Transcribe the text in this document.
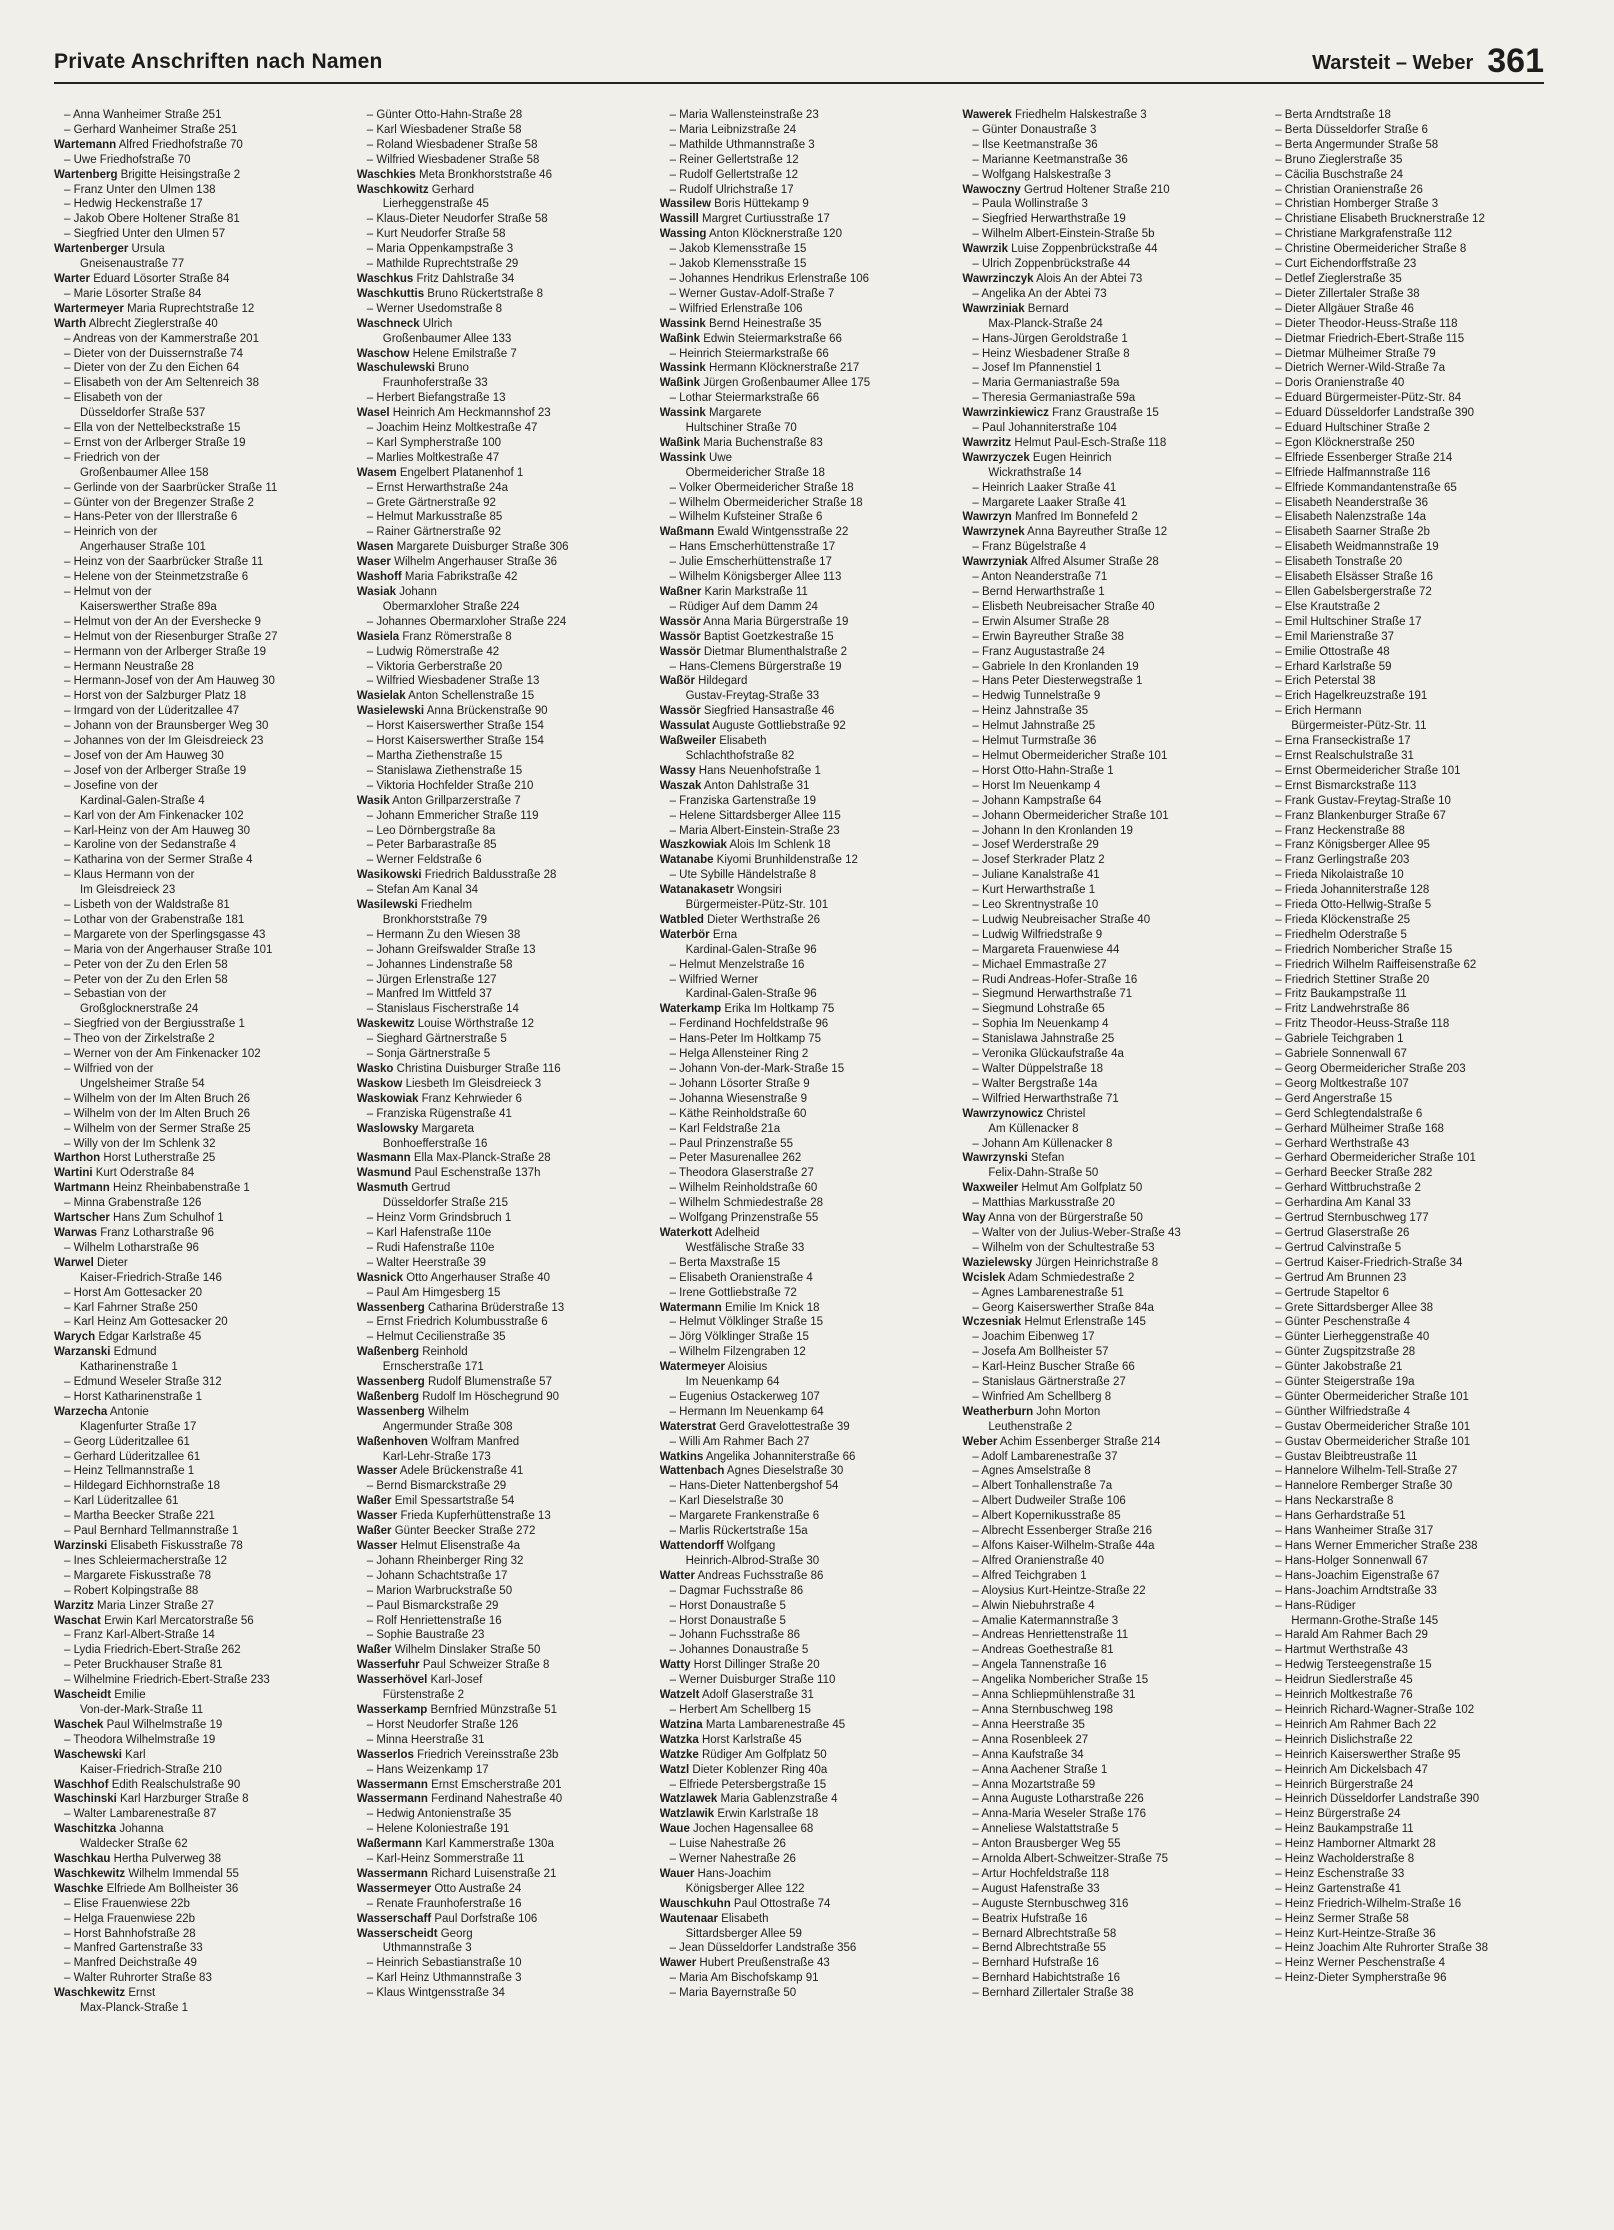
Private Anschriften nach Namen	Warsteit – Weber 361
– Anna Wanheimer Straße 251
– Gerhard Wanheimer Straße 251
Wartemann Alfred Friedhofstraße 70
– Uwe Friedhofstraße 70
Wartenberg Brigitte Heisingstraße 2
– Franz Unter den Ulmen 138
– Hedwig Heckenstraße 17
– Jakob Obere Holtener Straße 81
– Siegfried Unter den Ulmen 57
Wartenberger Ursula
Gneisenaustraße 77
Warter Eduard Lösorter Straße 84
– Marie Lösorter Straße 84
Wartermeyer Maria Ruprechtstraße 12
Warth Albrecht Zieglerstraße 40
– Andreas von der Kammerstraße 201
– Dieter von der Duissernstraße 74
– Dieter von der Zu den Eichen 64
– Elisabeth von der Am Seltenreich 38
– Elisabeth von der
Düsseldorfer Straße 537
– Ella von der Nettelbeckstraße 15
– Ernst von der Arlberger Straße 19
– Friedrich von der
Großenbaumer Allee 158
– Gerlinde von der Saarbrücker Straße 11
– Günter von der Bregenzer Straße 2
– Hans-Peter von der Illerstraße 6
– Heinrich von der
Angerhauser Straße 101
– Heinz von der Saarbrücker Straße 11
– Helene von der Steinmetzstraße 6
– Helmut von der
Kaiserswerther Straße 89a
– Helmut von der An der Evershecke 9
– Helmut von der Riesenburger Straße 27
– Hermann von der Arlberger Straße 19
– Hermann Neustraße 28
– Hermann-Josef von der Am Hauweg 30
– Horst von der Salzburger Platz 18
– Irmgard von der Lüderitzallee 47
– Johann von der Braunsberger Weg 30
– Johannes von der Im Gleisdreieck 23
– Josef von der Am Hauweg 30
– Josef von der Arlberger Straße 19
– Josefine von der
Kardinal-Galen-Straße 4
– Karl von der Am Finkenacker 102
– Karl-Heinz von der Am Hauweg 30
– Karoline von der Sedanstraße 4
– Katharina von der Sermer Straße 4
– Klaus Hermann von der
Im Gleisdreieck 23
– Lisbeth von der Waldstraße 81
– Lothar von der Grabenstraße 181
– Margarete von der Sperlingsgasse 43
– Maria von der Angerhauser Straße 101
– Peter von der Zu den Erlen 58
– Peter von der Zu den Erlen 58
– Sebastian von der
Großglocknerstraße 24
– Siegfried von der Bergiusstraße 1
– Theo von der Zirkelstraße 2
– Werner von der Am Finkenacker 102
– Wilfried von der
Ungelsheimer Straße 54
– Wilhelm von der Im Alten Bruch 26
– Wilhelm von der Im Alten Bruch 26
– Wilhelm von der Sermer Straße 25
– Willy von der Im Schlenk 32
Warthon Horst Lutherstraße 25
Wartini Kurt Oderstraße 84
Wartmann Heinz Rheinbabenstraße 1
– Minna Grabenstraße 126
Wartscher Hans Zum Schulhof 1
Warwas Franz Lotharstraße 96
– Wilhelm Lotharstraße 96
Warwel Dieter
Kaiser-Friedrich-Straße 146
– Horst Am Gottesacker 20
– Karl Fahrner Straße 250
– Karl Heinz Am Gottesacker 20
Warych Edgar Karlstraße 45
Warzanski Edmund
Katharinenstraße 1
– Edmund Weseler Straße 312
– Horst Katharinenstraße 1
Warzecha Antonie
Klagenfurter Straße 17
– Georg Lüderitzallee 61
– Gerhard Lüderitzallee 61
– Heinz Tellmannstraße 1
– Hildegard Eichhornstraße 18
– Karl Lüderitzallee 61
– Martha Beecker Straße 221
– Paul Bernhard Tellmannstraße 1
Warzinski Elisabeth Fiskusstraße 78
– Ines Schleiermacherstraße 12
– Margarete Fiskusstraße 78
– Robert Kolpingstraße 88
Warzitz Maria Linzer Straße 27
Waschat Erwin Karl Mercatorstraße 56
– Franz Karl-Albert-Straße 14
– Lydia Friedrich-Ebert-Straße 262
– Peter Bruckhauser Straße 81
– Wilhelmine Friedrich-Ebert-Straße 233
Wascheidt Emilie
Von-der-Mark-Straße 11
Waschek Paul Wilhelmstraße 19
– Theodora Wilhelmstraße 19
Waschewski Karl
Kaiser-Friedrich-Straße 210
Waschhof Edith Realschulstraße 90
Waschinski Karl Harzburger Straße 8
– Walter Lambarenestraße 87
Waschitzka Johanna
Waldecker Straße 62
Waschkau Hertha Pulverweg 38
Waschkewitz Wilhelm Immendal 55
Waschke Elfriede Am Bollheister 36
– Elise Frauenwiese 22b
– Helga Frauenwiese 22b
– Horst Bahnhofstraße 28
– Manfred Gartenstraße 33
– Manfred Deichstraße 49
– Walter Ruhrorter Straße 83
Waschkewitz Ernst
Max-Planck-Straße 1
– Günter Otto-Hahn-Straße 28
– Karl Wiesbadener Straße 58
– Roland Wiesbadener Straße 58
– Wilfried Wiesbadener Straße 58
Waschkies Meta Bronkhorststraße 46
Waschkowitz Gerhard
Lierheggenstraße 45
– Klaus-Dieter Neudorfer Straße 58
– Kurt Neudorfer Straße 58
– Maria Oppenkampstraße 3
– Mathilde Ruprechtstraße 29
Waschkus Fritz Dahlstraße 34
Waschkuttis Bruno Rückertstraße 8
– Werner Usedomstraße 8
Waschneck Ulrich
Großenbaumer Allee 133
Waschow Helene Emilstraße 7
Waschulewski Bruno
Fraunhoferstraße 33
– Herbert Biefangstraße 13
Wasel Heinrich Am Heckmannshof 23
– Joachim Heinz Moltkestraße 47
– Karl Sympherstraße 100
– Marlies Moltkestraße 47
Wasem Engelbert Platanenhof 1
– Ernst Herwarthstraße 24a
– Grete Gärtnerstraße 92
– Helmut Markusstraße 85
– Rainer Gärtnerstraße 92
Wasen Margarete Duisburger Straße 306
Waser Wilhelm Angerhauser Straße 36
Washoff Maria Fabrikstraße 42
Wasiak Johann
Obermarxloher Straße 224
– Johannes Obermarxloher Straße 224
Wasiela Franz Römerstraße 8
– Ludwig Römerstraße 42
– Viktoria Gerberstraße 20
– Wilfried Wiesbadener Straße 13
Wasielak Anton Schellenstraße 15
Wasielewski Anna Brückenstraße 90
– Horst Kaiserswerther Straße 154
– Horst Kaiserswerther Straße 154
– Martha Ziethenstraße 15
– Stanislawa Ziethenstraße 15
– Viktoria Hochfelder Straße 210
Wasik Anton Grillparzerstraße 7
– Johann Emmericher Straße 119
– Leo Dörnbergstraße 8a
– Peter Barbarastraße 85
– Werner Feldstraße 6
Wasikowski Friedrich Baldusstraße 28
– Stefan Am Kanal 34
Wasilewski Friedhelm
Bronkhorststraße 79
– Hermann Zu den Wiesen 38
– Johann Greifswalder Straße 13
– Johannes Lindenstraße 58
– Jürgen Erlenstraße 127
– Manfred Im Wittfeld 37
– Stanislaus Fischerstraße 14
Waskewitz Louise Wörthstraße 12
– Sieghard Gärtnerstraße 5
– Sonja Gärtnerstraße 5
Wasko Christina Duisburger Straße 116
Waskow Liesbeth Im Gleisdreieck 3
Waskowiak Franz Kehrwieder 6
– Franziska Rügenstraße 41
Waslowsky Margareta
Bonhoefferstraße 16
Wasmann Ella Max-Planck-Straße 28
Wasmund Paul Eschenstraße 137h
Wasmuth Gertrud
Düsseldorfer Straße 215
– Heinz Vorm Grindsbruch 1
– Karl Hafenstraße 110e
– Rudi Hafenstraße 110e
– Walter Heerstraße 39
Wasnick Otto Angerhauser Straße 40
– Paul Am Himgesberg 15
Wassenberg Catharina Brüderstraße 13
– Ernst Friedrich Kolumbusstraße 6
– Helmut Cecilienstraße 35
Waßenberg Reinhold
Ernscherstraße 171
Wassenberg Rudolf Blumenstraße 57
Waßenberg Rudolf Im Höschegrund 90
Wassenberg Wilhelm
Angermunder Straße 308
Waßenhoven Wolfram Manfred
Karl-Lehr-Straße 173
Wasser Adele Brückenstraße 41
– Bernd Bismarckstraße 29
Waßer Emil Spessartstraße 54
Wasser Frieda Kupferhüttenstraße 13
Waßer Günter Beecker Straße 272
Wasser Helmut Elisenstraße 4a
– Johann Rheinberger Ring 32
– Johann Schachtstraße 17
– Marion Warbruckstraße 50
– Paul Bismarckstraße 29
– Rolf Henriettenstraße 16
– Sophie Baustraße 23
Waßer Wilhelm Dinslaker Straße 50
Wasserfuhr Paul Schweizer Straße 8
Wasserhövel Karl-Josef
Fürstenstraße 2
Wasserkamp Bernfried Münzstraße 51
– Horst Neudorfer Straße 126
– Minna Heerstraße 31
Wasserlos Friedrich Vereinsstraße 23b
– Hans Weizenkamp 17
Wassermann Ernst Emscherstraße 201
Wassermann Ferdinand Nahestraße 40
– Hedwig Antonienstraße 35
– Helene Koloniestraße 191
Waßermann Karl Kammerstraße 130a
– Karl-Heinz Sommerstraße 11
Wassermann Richard Luisenstraße 21
Wassermeyer Otto Austraße 24
– Renate Fraunhoferstraße 16
Wasserschaff Paul Dorfstraße 106
Wasserscheidt Georg
Uthmannstraße 3
– Heinrich Sebastianstraße 10
– Karl Heinz Uthmannstraße 3
– Klaus Wintgensstraße 34
– Maria Wallensteinstraße 23
– Maria Leibnizstraße 24
– Mathilde Uthmannstraße 3
– Reiner Gellertstraße 12
– Rudolf Gellertstraße 12
– Rudolf Ulrichstraße 17
Wassilew Boris Hüttekamp 9
Wassill Margret Curtiusstraße 17
Wassing Anton Klöcknerstraße 120
– Jakob Klemensstraße 15
– Jakob Klemensstraße 15
– Johannes Hendrikus Erlenstraße 106
– Werner Gustav-Adolf-Straße 7
– Wilfried Erlenstraße 106
Wassink Bernd Heinestraße 35
Waßink Edwin Steiermarkstraße 66
– Heinrich Steiermarkstraße 66
Wassink Hermann Klöcknerstraße 217
Waßink Jürgen Großenbaumer Allee 175
– Lothar Steiermarkstraße 66
Wassink Margarete
Hultschiner Straße 70
Waßink Maria Buchenstraße 83
Wassink Uwe
Obermeidericher Straße 18
– Volker Obermeidericher Straße 18
– Wilhelm Obermeidericher Straße 18
– Wilhelm Kufsteiner Straße 6
Waßmann Ewald Wintgensstraße 22
– Hans Emscherhüttenstraße 17
– Julie Emscherhüttenstraße 17
– Wilhelm Königsberger Allee 113
Waßner Karin Markstraße 11
– Rüdiger Auf dem Damm 24
Wassör Anna Maria Bürgerstraße 19
Wassör Baptist Goetzkestraße 15
Wassör Dietmar Blumenthalstraße 2
– Hans-Clemens Bürgerstraße 19
Waßör Hildegard
Gustav-Freytag-Straße 33
Wassör Siegfried Hansastraße 46
Wassulat Auguste Gottliebstraße 92
Waßweiler Elisabeth
Schlachthofstraße 82
Wassy Hans Neuenhofstraße 1
Waszak Anton Dahlstraße 31
– Franziska Gartenstraße 19
– Helene Sittardsberger Allee 115
– Maria Albert-Einstein-Straße 23
Waszkowiak Alois Im Schlenk 18
Watanabe Kiyomi Brunhildenstraße 12
– Ute Sybille Händelstraße 8
Watanakasetr Wongsiri
Bürgermeister-Pütz-Str. 101
Watbled Dieter Werthstraße 26
Waterbör Erna
Kardinal-Galen-Straße 96
– Helmut Menzelstraße 16
– Wilfried Werner
Kardinal-Galen-Straße 96
Waterkamp Erika Im Holtkamp 75
– Ferdinand Hochfeldstraße 96
– Hans-Peter Im Holtkamp 75
– Helga Allensteiner Ring 2
– Johann Von-der-Mark-Straße 15
– Johann Lösorter Straße 9
– Johanna Wiesenstraße 9
– Käthe Reinholdstraße 60
– Karl Feldstraße 21a
– Paul Prinzenstraße 55
– Peter Masurenallee 262
– Theodora Glaserstraße 27
– Wilhelm Reinholdstraße 60
– Wilhelm Schmiedestraße 28
– Wolfgang Prinzenstraße 55
Waterkott Adelheid
Westfälische Straße 33
– Berta Maxstraße 15
– Elisabeth Oranienstraße 4
– Irene Gottliebstraße 72
Watermann Emilie Im Knick 18
– Helmut Völklinger Straße 15
– Jörg Völklinger Straße 15
– Wilhelm Filzengraben 12
Watermeyer Aloisius
Im Neuenkamp 64
– Eugenius Ostackerweg 107
– Hermann Im Neuenkamp 64
Waterstrat Gerd Gravelottestraße 39
– Willi Am Rahmer Bach 27
Watkins Angelika Johanniterstraße 66
Wattenbach Agnes Dieselstraße 30
– Hans-Dieter Nattenbergshof 54
– Karl Dieselstraße 30
– Margarete Frankenstraße 6
– Marlis Rückertstraße 15a
Wattendorff Wolfgang
Heinrich-Albrod-Straße 30
Watter Andreas Fuchsstraße 86
– Dagmar Fuchsstraße 86
– Horst Donaustraße 5
– Horst Donaustraße 5
– Johann Fuchsstraße 86
– Johannes Donaustraße 5
Watty Horst Dillinger Straße 20
– Werner Duisburger Straße 110
Watzelt Adolf Glaserstraße 31
– Herbert Am Schellberg 15
Watzina Marta Lambarenestraße 45
Watzka Horst Karlstraße 45
Watzke Rüdiger Am Golfplatz 50
Watzl Dieter Koblenzer Ring 40a
– Elfriede Petersbergstraße 15
Watzlawek Maria Gablenzstraße 4
Watzlawik Erwin Karlstraße 18
Waue Jochen Hagensallee 68
– Luise Nahestraße 26
– Werner Nahestraße 26
Wauer Hans-Joachim
Königsberger Allee 122
Wauschkuhn Paul Ottostraße 74
Wautenaar Elisabeth
Sittardsberger Allee 59
– Jean Düsseldorfer Landstraße 356
Wawer Hubert Preußenstraße 43
– Maria Am Bischofskamp 91
– Maria Bayernstraße 50
Wawerek Friedhelm Halskestraße 3
– Günter Donaustraße 3
– Ilse Keetmanstraße 36
– Marianne Keetmanstraße 36
– Wolfgang Halskestraße 3
Wawoczny Gertrud Holtener Straße 210
– Paula Wollinstraße 3
– Siegfried Herwarthstraße 19
– Wilhelm Albert-Einstein-Straße 5b
Wawrzik Luise Zoppenbrückstraße 44
– Ulrich Zoppenbrückstraße 44
Wawrzinczyk Alois An der Abtei 73
– Angelika An der Abtei 73
Wawrziniak Bernard
Max-Planck-Straße 24
– Hans-Jürgen Geroldstraße 1
– Heinz Wiesbadener Straße 8
– Josef Im Pfannenstiel 1
– Maria Germaniastraße 59a
– Theresia Germaniastraße 59a
Wawrzinkiewicz Franz Graustraße 15
– Paul Johanniterstraße 104
Wawrzitz Helmut Paul-Esch-Straße 118
Wawrzyczek Eugen Heinrich
Wickrathstraße 14
– Heinrich Laaker Straße 41
– Margarete Laaker Straße 41
Wawrzyn Manfred Im Bonnefeld 2
Wawrzynek Anna Bayreuther Straße 12
– Franz Bügelstraße 4
Wawrzyniak Alfred Alsumer Straße 28
– Anton Neanderstraße 71
– Bernd Herwarthstraße 1
– Elisbeth Neubreisacher Straße 40
– Erwin Alsumer Straße 28
– Erwin Bayreuther Straße 38
– Franz Augustastraße 24
– Gabriele In den Kronlanden 19
– Hans Peter Diesterwegstraße 1
– Hedwig Tunnelstraße 9
– Heinz Jahnstraße 35
– Helmut Jahnstraße 25
– Helmut Turmstraße 36
– Helmut Obermeidericher Straße 101
– Horst Otto-Hahn-Straße 1
– Horst Im Neuenkamp 4
– Johann Kampstraße 64
– Johann Obermeidericher Straße 101
– Johann In den Kronlanden 19
– Josef Werderstraße 29
– Josef Sterkrader Platz 2
– Juliane Kanalstraße 41
– Kurt Herwarthstraße 1
– Leo Skrentnystraße 10
– Ludwig Neubreisacher Straße 40
– Ludwig Wilfriedstraße 9
– Margareta Frauenwiese 44
– Michael Emmastraße 27
– Rudi Andreas-Hofer-Straße 16
– Siegmund Herwarthstraße 71
– Siegmund Lohstraße 65
– Sophia Im Neuenkamp 4
– Stanislawa Jahnstraße 25
– Veronika Glückaufstraße 4a
– Walter Düppelstraße 18
– Walter Bergstraße 14a
– Wilfried Herwarthstraße 71
Wawrzynowicz Christel
Am Küllenacker 8
– Johann Am Küllenacker 8
Wawrzynski Stefan
Felix-Dahn-Straße 50
Waxweiler Helmut Am Golfplatz 50
– Matthias Markusstraße 20
Way Anna von der Bürgerstraße 50
– Walter von der Julius-Weber-Straße 43
– Wilhelm von der Schultestraße 53
Wazielewsky Jürgen Heinrichstraße 8
Wcislek Adam Schmiedestraße 2
– Agnes Lambarenestraße 51
– Georg Kaiserswerther Straße 84a
Wczesniak Helmut Erlenstraße 145
– Joachim Eibenweg 17
– Josefa Am Bollheister 57
– Karl-Heinz Buscher Straße 66
– Stanislaus Gärtnerstraße 27
– Winfried Am Schellberg 8
Weatherburn John Morton
Leuthenstraße 2
Weber Achim Essenberger Straße 214
– Adolf Lambarenestraße 37
– Agnes Amselstraße 8
– Albert Tonhallenstraße 7a
– Albert Dudweiler Straße 106
– Albert Kopernikusstraße 85
– Albrecht Essenberger Straße 216
– Alfons Kaiser-Wilhelm-Straße 44a
– Alfred Oranienstraße 40
– Alfred Teichgraben 1
– Aloysius Kurt-Heintze-Straße 22
– Alwin Niebuhrstraße 4
– Amalie Katermannstraße 3
– Andreas Henriettenstraße 11
– Andreas Goethestraße 81
– Angela Tannenstraße 16
– Angelika Nombericher Straße 15
– Anna Schliepmühlenstraße 31
– Anna Sternbuschweg 198
– Anna Heerstraße 35
– Anna Rosenbleek 27
– Anna Kaufstraße 34
– Anna Aachener Straße 1
– Anna Mozartstraße 59
– Anna Auguste Lotharstraße 226
– Anna-Maria Weseler Straße 176
– Anneliese Walstattstraße 5
– Anton Brausberger Weg 55
– Arnolda Albert-Schweitzer-Straße 75
– Artur Hochfeldstraße 118
– August Hafenstraße 33
– Auguste Sternbuschweg 316
– Beatrix Hufstraße 16
– Bernard Albrechtstraße 58
– Bernd Albrechtstraße 55
– Bernhard Hufstraße 16
– Bernhard Habichtstraße 16
– Bernhard Zillertaler Straße 38
– Berta Arndtstraße 18
– Berta Düsseldorfer Straße 6
– Berta Angermunder Straße 58
– Bruno Zieglerstraße 35
– Cäcilia Buschstraße 24
– Christian Oranienstraße 26
– Christian Homberger Straße 3
– Christiane Elisabeth Brucknerstraße 12
– Christiane Markgrafenstraße 112
– Christine Obermeidericher Straße 8
– Curt Eichendorffstraße 23
– Detlef Zieglerstraße 35
– Dieter Zillertaler Straße 38
– Dieter Allgäuer Straße 46
– Dieter Theodor-Heuss-Straße 118
– Dietmar Friedrich-Ebert-Straße 115
– Dietmar Mülheimer Straße 79
– Dietrich Werner-Wild-Straße 7a
– Doris Oranienstraße 40
– Eduard Bürgermeister-Pütz-Str. 84
– Eduard Düsseldorfer Landstraße 390
– Eduard Hultschiner Straße 2
– Egon Klöcknerstraße 250
– Elfriede Essenberger Straße 214
– Elfriede Halfmannstraße 116
– Elfriede Kommandantenstraße 65
– Elisabeth Neanderstraße 36
– Elisabeth Nalenzstraße 14a
– Elisabeth Saarner Straße 2b
– Elisabeth Weidmannstraße 19
– Elisabeth Tonstraße 20
– Elisabeth Elsässer Straße 16
– Ellen Gabelsbergerstraße 72
– Else Krautstraße 2
– Emil Hultschiner Straße 17
– Emil Marienstraße 37
– Emilie Ottostraße 48
– Erhard Karlstraße 59
– Erich Peterstal 38
– Erich Hagelkreuzstraße 191
– Erich Hermann
Bürgermeister-Pütz-Str. 11
– Erna Franseckistraße 17
– Ernst Realschulstraße 31
– Ernst Obermeidericher Straße 101
– Ernst Bismarckstraße 113
– Frank Gustav-Freytag-Straße 10
– Franz Blankenburger Straße 67
– Franz Heckenstraße 88
– Franz Königsberger Allee 95
– Franz Gerlingstraße 203
– Frieda Nikolaistraße 10
– Frieda Johanniterstraße 128
– Frieda Otto-Hellwig-Straße 5
– Frieda Klöckenstraße 25
– Friedhelm Oderstraße 5
– Friedrich Nombericher Straße 15
– Friedrich Wilhelm Raiffeisenstraße 62
– Friedrich Stettiner Straße 20
– Fritz Baukampstraße 11
– Fritz Landwehrstraße 86
– Fritz Theodor-Heuss-Straße 118
– Gabriele Teichgraben 1
– Gabriele Sonnenwall 67
– Georg Obermeidericher Straße 203
– Georg Moltkestraße 107
– Gerd Angerstraße 15
– Gerd Schlegtendalstraße 6
– Gerhard Mülheimer Straße 168
– Gerhard Werthstraße 43
– Gerhard Obermeidericher Straße 101
– Gerhard Beecker Straße 282
– Gerhard Wittbruchstraße 2
– Gerhardina Am Kanal 33
– Gertrud Sternbuschweg 177
– Gertrud Glaserstraße 26
– Gertrud Calvinstraße 5
– Gertrud Kaiser-Friedrich-Straße 34
– Gertrud Am Brunnen 23
– Gertrude Stapeltor 6
– Grete Sittardsberger Allee 38
– Günter Peschenstraße 4
– Günter Lierheggenstraße 40
– Günter Zugspitzstraße 28
– Günter Jakobstraße 21
– Günter Steigerstraße 19a
– Günter Obermeidericher Straße 101
– Günther Wilfriedstraße 4
– Gustav Obermeidericher Straße 101
– Gustav Obermeidericher Straße 101
– Gustav Bleibtreustraße 11
– Hannelore Wilhelm-Tell-Straße 27
– Hannelore Remberger Straße 30
– Hans Neckarstraße 8
– Hans Gerhardstraße 51
– Hans Wanheimer Straße 317
– Hans Werner Emmericher Straße 238
– Hans-Holger Sonnenwall 67
– Hans-Joachim Eigenstraße 67
– Hans-Joachim Arndtstraße 33
– Hans-Rüdiger
Hermann-Grothe-Straße 145
– Harald Am Rahmer Bach 29
– Hartmut Werthstraße 43
– Hedwig Tersteegenstraße 15
– Heidrun Siedlerstraße 45
– Heinrich Moltkestraße 76
– Heinrich Richard-Wagner-Straße 102
– Heinrich Am Rahmer Bach 22
– Heinrich Dislichstraße 22
– Heinrich Kaiserswerther Straße 95
– Heinrich Am Dickelsbach 47
– Heinrich Bürgerstraße 24
– Heinrich Düsseldorfer Landstraße 390
– Heinz Bürgerstraße 24
– Heinz Baukampstraße 11
– Heinz Hamborner Altmarkt 28
– Heinz Wacholderstraße 8
– Heinz Eschenstraße 33
– Heinz Gartenstraße 41
– Heinz Friedrich-Wilhelm-Straße 16
– Heinz Sermer Straße 58
– Heinz Kurt-Heintze-Straße 36
– Heinz Joachim Alte Ruhrorter Straße 38
– Heinz Werner Peschenstraße 4
– Heinz-Dieter Sympherstraße 96
